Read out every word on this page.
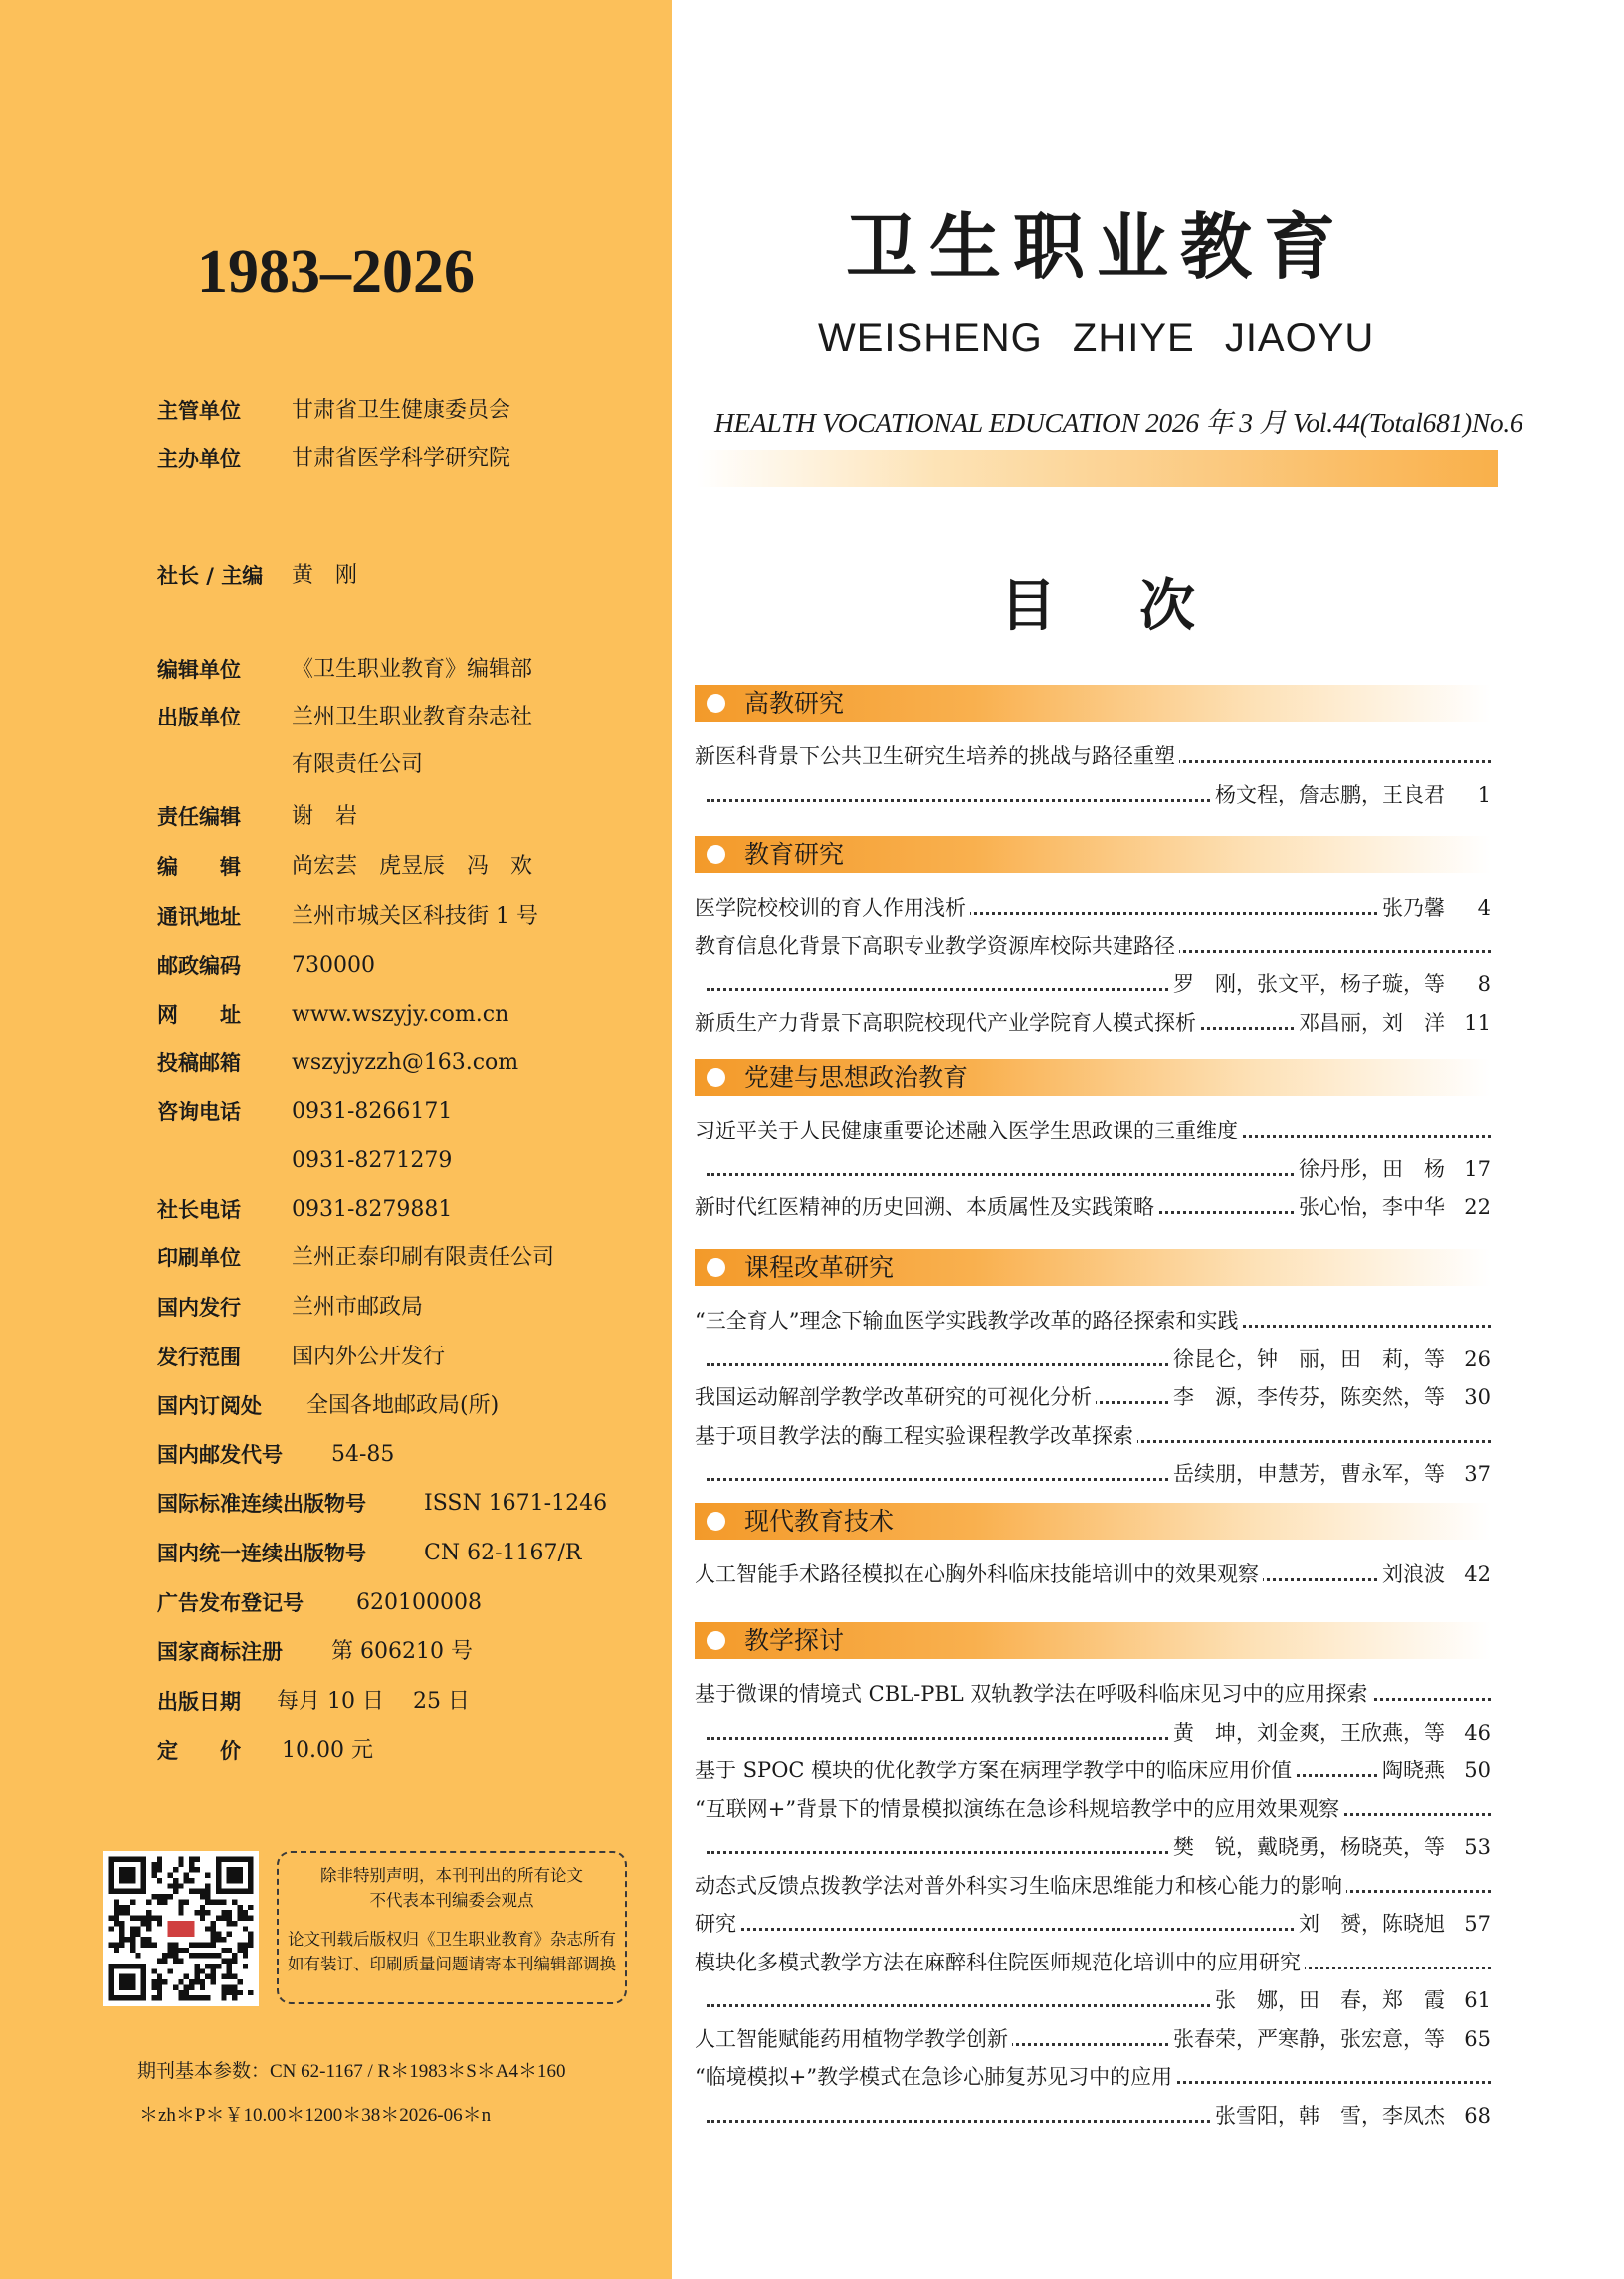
1983–2026
主管单位 甘肃省卫生健康委员会
主办单位 甘肃省医学科学研究院
社长 / 主编 黄　刚
编辑单位 《卫生职业教育》编辑部
出版单位 兰州卫生职业教育杂志社
有限责任公司
责任编辑 谢　岩
编　　辑 尚宏芸　虎昱辰　冯　欢
通讯地址 兰州市城关区科技街 1 号
邮政编码 730000
网　　址 www.wszyjy.com.cn
投稿邮箱 wszyjyzzh@163.com
咨询电话 0931-8266171
0931-8271279
社长电话 0931-8279881
印刷单位 兰州正泰印刷有限责任公司
国内发行 兰州市邮政局
发行范围 国内外公开发行
国内订阅处 全国各地邮政局(所)
国内邮发代号 54-85
国际标准连续出版物号	ISSN 1671-1246
国内统一连续出版物号	CN 62-1167/R
广告发布登记号 620100008
国家商标注册 第 606210 号
出版日期 每月 10 日　 25 日
定　　价 10.00 元
除非特别声明，本刊刊出的所有论文
不代表本刊编委会观点
论文刊载后版权归《卫生职业教育》杂志所有
如有装订、印刷质量问题请寄本刊编辑部调换
期刊基本参数：CN 62-1167 / R＊1983＊S＊A4＊160
＊zh＊P＊￥10.00＊1200＊38＊2026-06＊n
卫生职业教育
WEISHENG ZHIYE JIAOYU
HEALTH VOCATIONAL EDUCATION 2026 年 3 月 Vol.44(Total681)No.6
目次
高教研究
新医科背景下公共卫生研究生培养的挑战与路径重塑
杨文程，詹志鹏，王良君 1
教育研究
医学院校校训的育人作用浅析	张乃馨 4
教育信息化背景下高职专业教学资源库校际共建路径
罗　刚，张文平，杨子璇，等 8
新质生产力背景下高职院校现代产业学院育人模式探析	邓昌丽，刘　洋 11
党建与思想政治教育
习近平关于人民健康重要论述融入医学生思政课的三重维度
徐丹彤，田　杨 17
新时代红医精神的历史回溯、本质属性及实践策略	张心怡，李中华 22
课程改革研究
“三全育人”理念下输血医学实践教学改革的路径探索和实践
徐昆仑，钟　丽，田　莉，等 26
我国运动解剖学教学改革研究的可视化分析	李　源，李传芬，陈奕然，等 30
基于项目教学法的酶工程实验课程教学改革探索
岳续朋，申慧芳，曹永军，等 37
现代教育技术
人工智能手术路径模拟在心胸外科临床技能培训中的效果观察	刘浪波 42
教学探讨
基于微课的情境式 CBL-PBL 双轨教学法在呼吸科临床见习中的应用探索
黄　坤，刘金爽，王欣燕，等 46
基于 SPOC 模块的优化教学方案在病理学教学中的临床应用价值	陶晓燕 50
“互联网+”背景下的情景模拟演练在急诊科规培教学中的应用效果观察
樊　锐，戴晓勇，杨晓英，等 53
动态式反馈点拨教学法对普外科实习生临床思维能力和核心能力的影响
研究	刘　赟，陈晓旭 57
模块化多模式教学方法在麻醉科住院医师规范化培训中的应用研究
张　娜，田　春，郑　霞 61
人工智能赋能药用植物学教学创新	张春荣，严寒静，张宏意，等 65
“临境模拟+”教学模式在急诊心肺复苏见习中的应用
张雪阳，韩　雪，李凤杰 68
